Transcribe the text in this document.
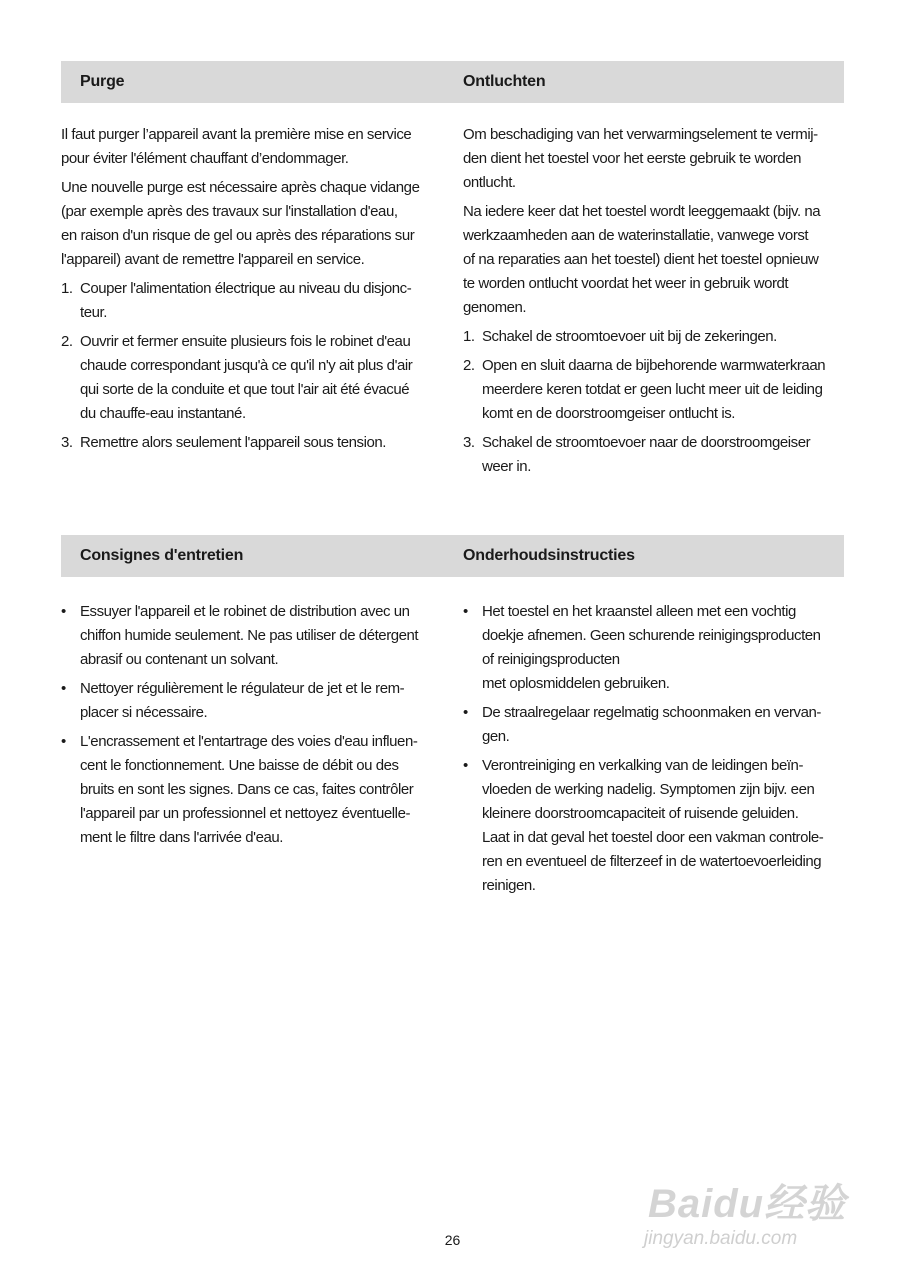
Purge	Ontluchten
Il faut purger l’appareil avant la première mise en service
pour éviter l'élément chauffant d’endommager.
Une nouvelle purge est nécessaire après chaque vidange
(par exemple après des travaux sur l'installation d'eau,
en raison d'un risque de gel ou après des réparations sur
l'appareil) avant de remettre l'appareil en service.
1. Couper l'alimentation électrique au niveau du disjonc-
teur.
2. Ouvrir et fermer ensuite plusieurs fois le robinet d'eau
chaude correspondant jusqu'à ce qu'il n'y ait plus d'air
qui sorte de la conduite et que tout l'air ait été évacué
du chauffe-eau instantané.
3. Remettre alors seulement l'appareil sous tension.
Om beschadiging van het verwarmingselement te vermij-
den dient het toestel voor het eerste gebruik te worden
ontlucht.
Na iedere keer dat het toestel wordt leeggemaakt (bijv. na
werkzaamheden aan de waterinstallatie, vanwege vorst
of na reparaties aan het toestel) dient het toestel opnieuw
te worden ontlucht voordat het weer in gebruik wordt
genomen.
1. Schakel de stroomtoevoer uit bij de zekeringen.
2. Open en sluit daarna de bijbehorende warmwaterkraan
meerdere keren totdat er geen lucht meer uit de leiding
komt en de doorstroomgeiser ontlucht is.
3. Schakel de stroomtoevoer naar de doorstroomgeiser
weer in.
Consignes d'entretien	Onderhoudsinstructies
• Essuyer l'appareil et le robinet de distribution avec un
chiffon humide seulement. Ne pas utiliser de détergent
abrasif ou contenant un solvant.
• Nettoyer régulièrement le régulateur de jet et le rem-
placer si nécessaire.
• L'encrassement et l'entartrage des voies d'eau influen-
cent le fonctionnement. Une baisse de débit ou des
bruits en sont les signes. Dans ce cas, faites contrôler
l'appareil par un professionnel et nettoyez éventuelle-
ment le filtre dans l'arrivée d'eau.
• Het toestel en het kraanstel alleen met een vochtig
doekje afnemen. Geen schurende reinigingsproducten
of reinigingsproducten
met oplosmiddelen gebruiken.
• De straalregelaar regelmatig schoonmaken en vervan-
gen.
• Verontreiniging en verkalking van de leidingen beïn-
vloeden de werking nadelig. Symptomen zijn bijv. een
kleinere doorstroomcapaciteit of ruisende geluiden.
Laat in dat geval het toestel door een vakman controle-
ren en eventueel de filterzeef in de watertoevoerleiding
reinigen.
Baidu经验
jingyan.baidu.com
26
